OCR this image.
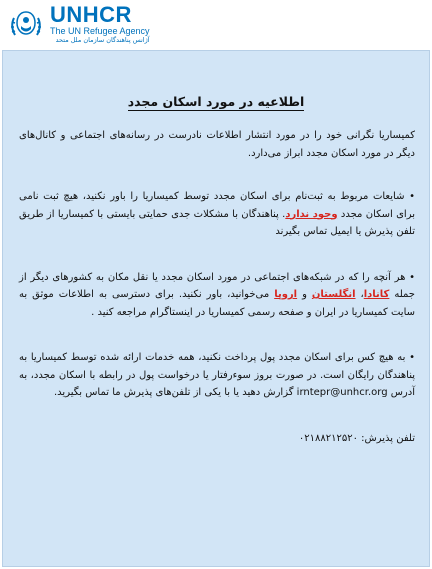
UNHCR
The UN Refugee Agency
آژانس پناهندگان سازمان ملل متحد
اطلاعیه در مورد اسکان مجدد

کمیساریا نگرانی خود را در مورد انتشار اطلاعات نادرست در رسانه‌های اجتماعی و کانال‌های دیگر در مورد اسکان مجدد ابراز می‌دارد.

• شایعات مربوط به ثبت‌نام برای اسکان مجدد توسط کمیساریا را باور نکنید، هیچ ثبت نامی برای اسکان مجدد وجود ندارد. پناهندگان با مشکلات جدی حمایتی بایستی با کمیساریا از طریق تلفن پذیرش یا ایمیل تماس بگیرند

• هر آنچه را که در شبکه‌های اجتماعی در مورد اسکان مجدد یا نقل مکان به کشورهای دیگر از جمله کانادا، انگلستان و اروپا می‌خوانید، باور نکنید. برای دسترسی به اطلاعات موثق به سایت کمیساریا در ایران و صفحه رسمی کمیساریا در اینستاگرام مراجعه کنید .

• به هیچ کس برای اسکان مجدد پول پرداخت نکنید، همه خدمات ارائه شده توسط کمیساریا به پناهندگان رایگان است. در صورت بروز سوء‌رفتار یا درخواست پول در رابطه با اسکان مجدد، به آدرس irntepr@unhcr.org گزارش دهید یا با یکی از تلفن‌های پذیرش ما تماس بگیرید.

تلفن پذیرش: ۰۲۱۸۸۲۱۲۵۲۰
